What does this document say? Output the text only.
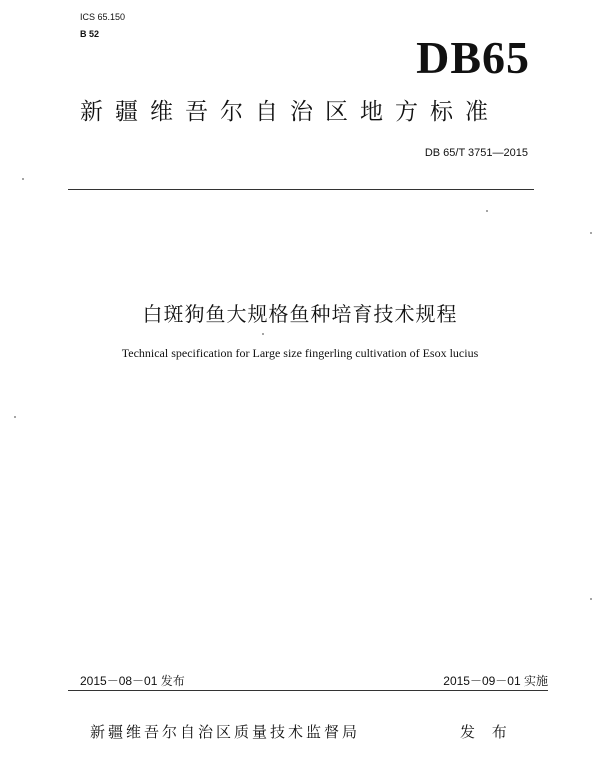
ICS 65.150
B 52	DB65
新疆维吾尔自治区地方标准
DB 65/T 3751—2015
白斑狗鱼大规格鱼种培育技术规程
Technical specification for Large size fingerling cultivation of Esox lucius
2015－08－01 发布	2015－09－01 实施
新疆维吾尔自治区质量技术监督局	发 布
